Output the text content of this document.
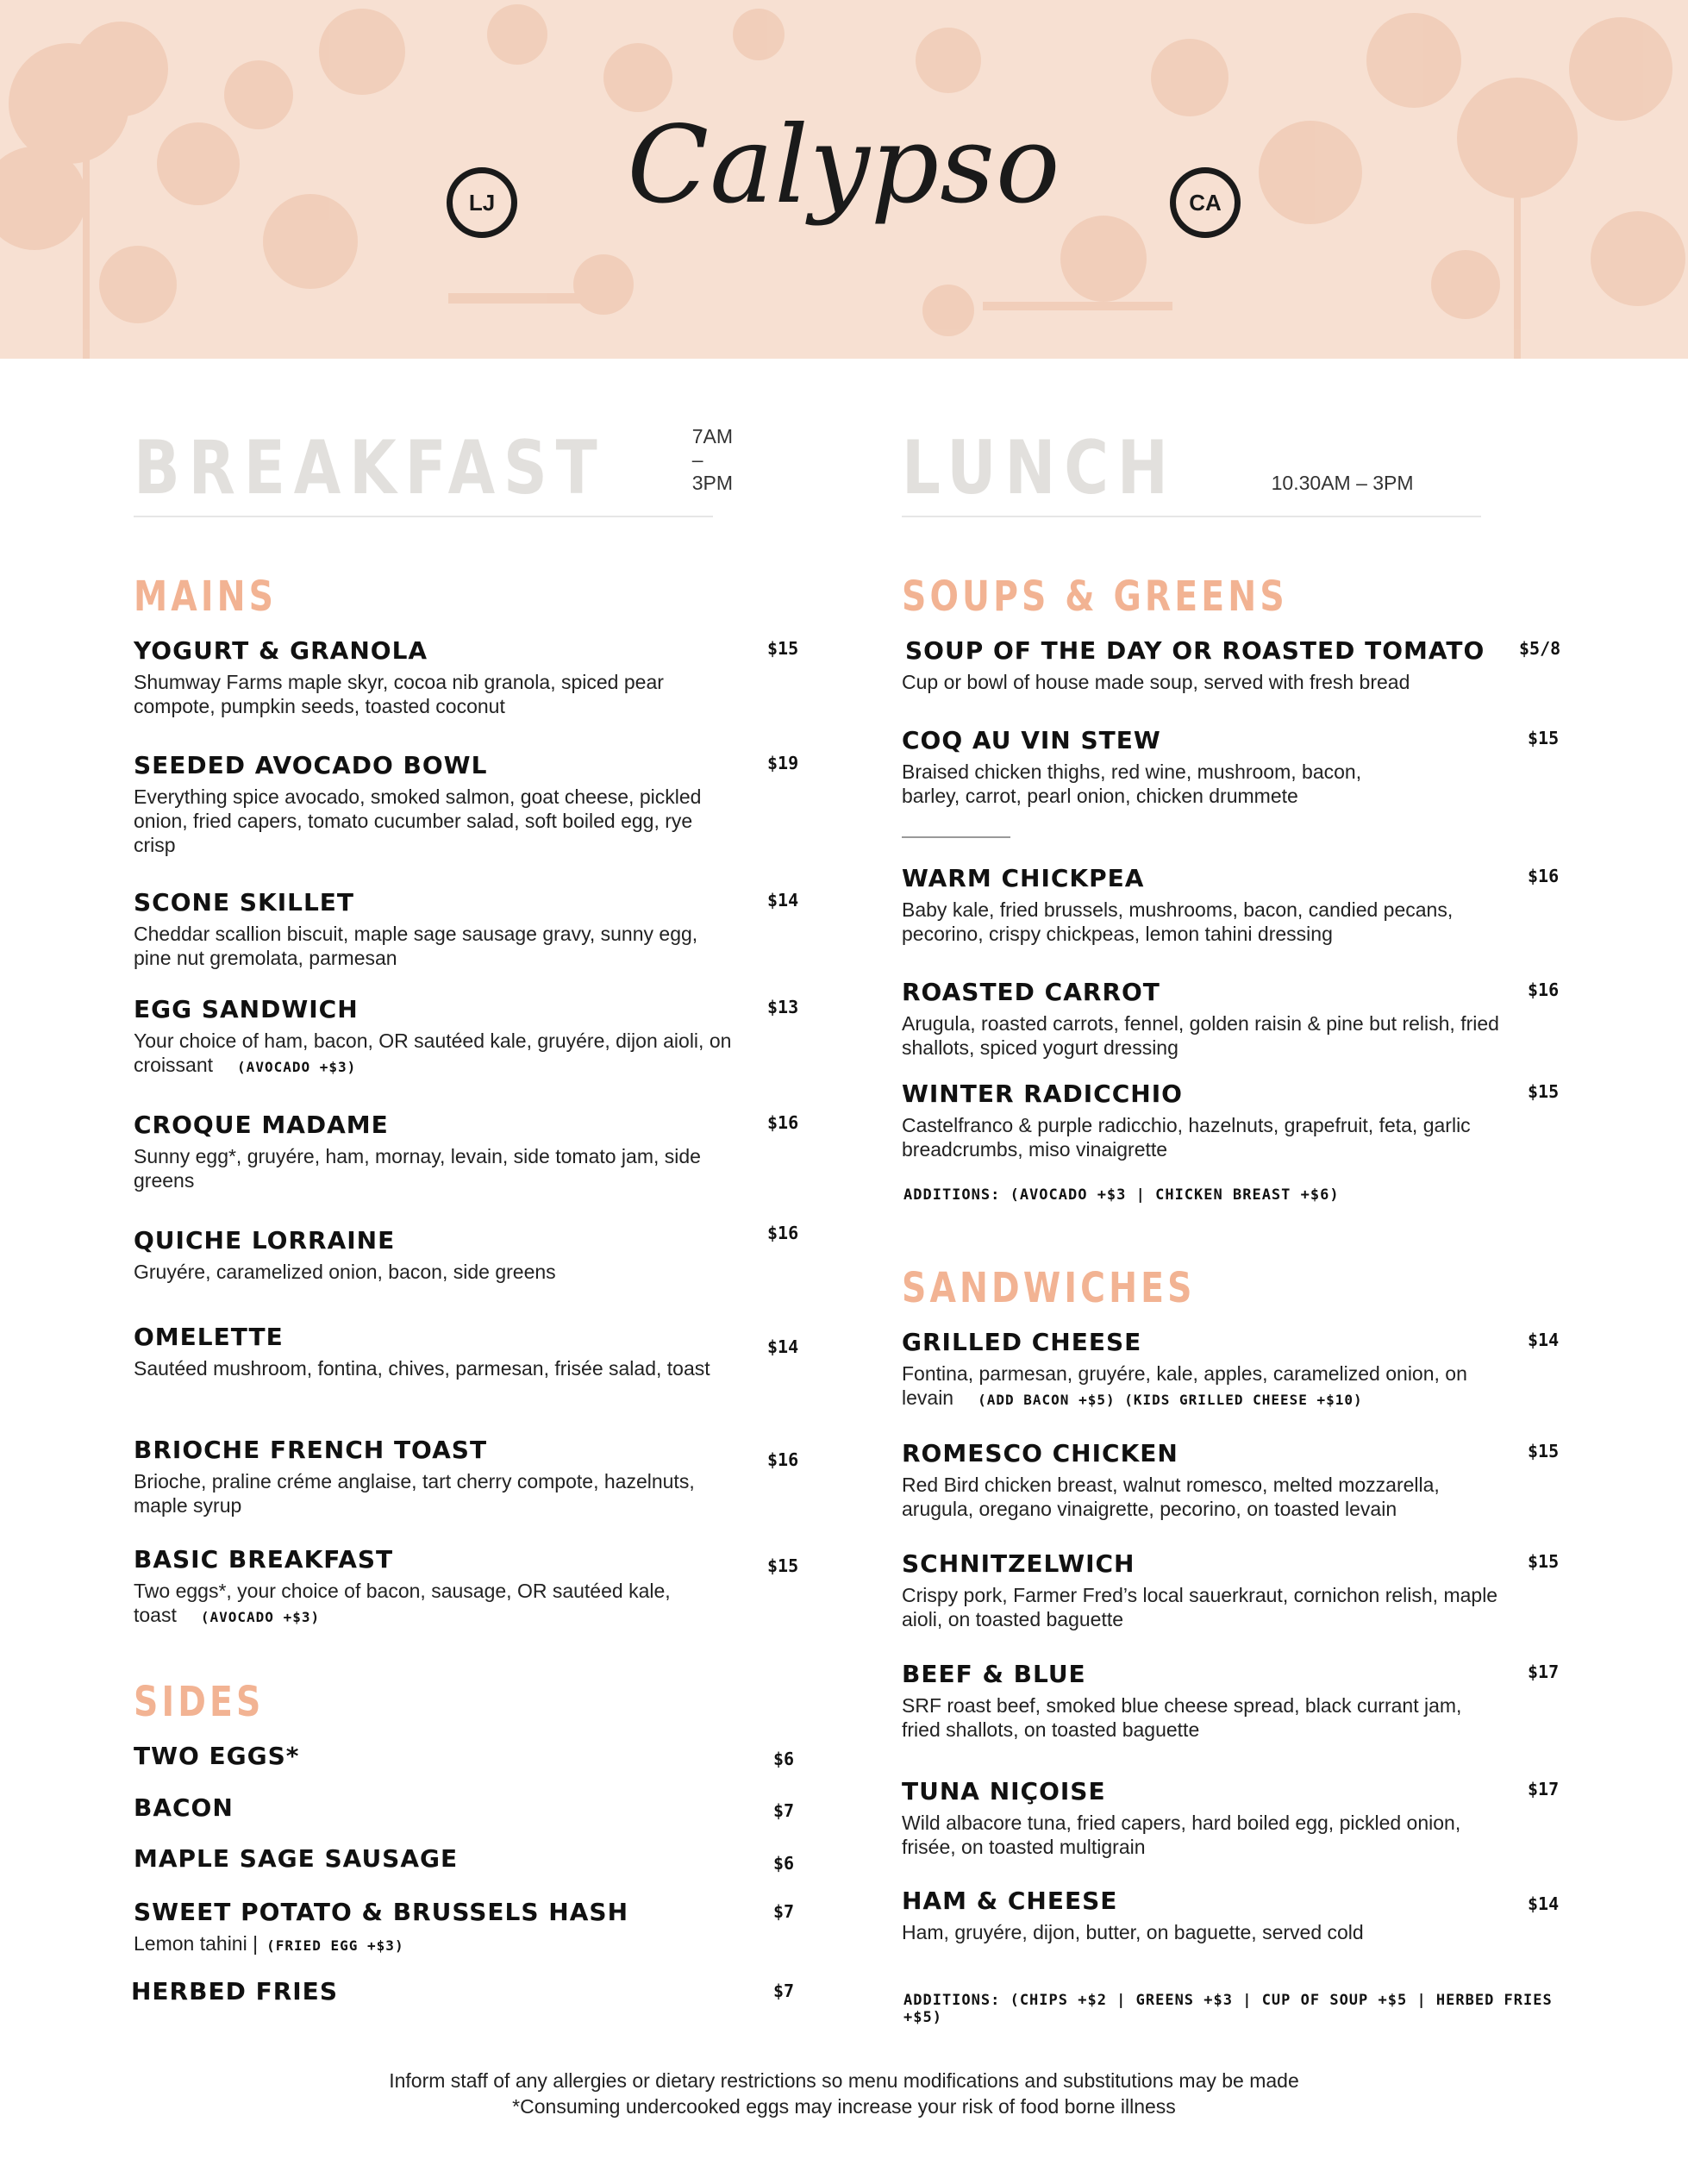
LJ	Calypso	CA
BREAKFAST	7AM – 3PM
MAINS
YOGURT & GRANOLA	$15
Shumway Farms maple skyr, cocoa nib granola, spiced pear compote, pumpkin seeds, toasted coconut
SEEDED AVOCADO BOWL	$19
Everything spice avocado, smoked salmon, goat cheese, pickled onion, fried capers, tomato cucumber salad, soft boiled egg, rye crisp
SCONE SKILLET	$14
Cheddar scallion biscuit, maple sage sausage gravy, sunny egg, pine nut gremolata, parmesan
EGG SANDWICH	$13
Your choice of ham, bacon, OR sautéed kale, gruyére, dijon aioli, on croissant (AVOCADO +$3)
CROQUE MADAME	$16
Sunny egg*, gruyére, ham, mornay, levain, side tomato jam, side greens
QUICHE LORRAINE	$16
Gruyére, caramelized onion, bacon, side greens
OMELETTE	$14
Sautéed mushroom, fontina, chives, parmesan, frisée salad, toast
BRIOCHE FRENCH TOAST	$16
Brioche, praline créme anglaise, tart cherry compote, hazelnuts, maple syrup
BASIC BREAKFAST	$15
Two eggs*, your choice of bacon, sausage, OR sautéed kale, toast (AVOCADO +$3)
SIDES
TWO EGGS*	$6
BACON	$7
MAPLE SAGE SAUSAGE	$6
SWEET POTATO & BRUSSELS HASH	$7
Lemon tahini | (FRIED EGG +$3)
HERBED FRIES	$7
LUNCH	10.30AM – 3PM
SOUPS & GREENS
SOUP OF THE DAY OR ROASTED TOMATO	$5/8
Cup or bowl of house made soup, served with fresh bread
COQ AU VIN STEW	$15
Braised chicken thighs, red wine, mushroom, bacon, barley, carrot, pearl onion, chicken drummete
WARM CHICKPEA	$16
Baby kale, fried brussels, mushrooms, bacon, candied pecans, pecorino, crispy chickpeas, lemon tahini dressing
ROASTED CARROT	$16
Arugula, roasted carrots, fennel, golden raisin & pine but relish, fried shallots, spiced yogurt dressing
WINTER RADICCHIO	$15
Castelfranco & purple radicchio, hazelnuts, grapefruit, feta, garlic breadcrumbs, miso vinaigrette
ADDITIONS: (AVOCADO +$3 | CHICKEN BREAST +$6)
SANDWICHES
GRILLED CHEESE	$14
Fontina, parmesan, gruyére, kale, apples, caramelized onion, on levain (ADD BACON +$5) (KIDS GRILLED CHEESE +$10)
ROMESCO CHICKEN	$15
Red Bird chicken breast, walnut romesco, melted mozzarella, arugula, oregano vinaigrette, pecorino, on toasted levain
SCHNITZELWICH	$15
Crispy pork, Farmer Fred’s local sauerkraut, cornichon relish, maple aioli, on toasted baguette
BEEF & BLUE	$17
SRF roast beef, smoked blue cheese spread, black currant jam, fried shallots, on toasted baguette
TUNA NIÇOISE	$17
Wild albacore tuna, fried capers, hard boiled egg, pickled onion, frisée, on toasted multigrain
HAM & CHEESE	$14
Ham, gruyére, dijon, butter, on baguette, served cold
ADDITIONS: (CHIPS +$2 | GREENS +$3 | CUP OF SOUP +$5 | HERBED FRIES +$5)
Inform staff of any allergies or dietary restrictions so menu modifications and substitutions may be made
*Consuming undercooked eggs may increase your risk of food borne illness
